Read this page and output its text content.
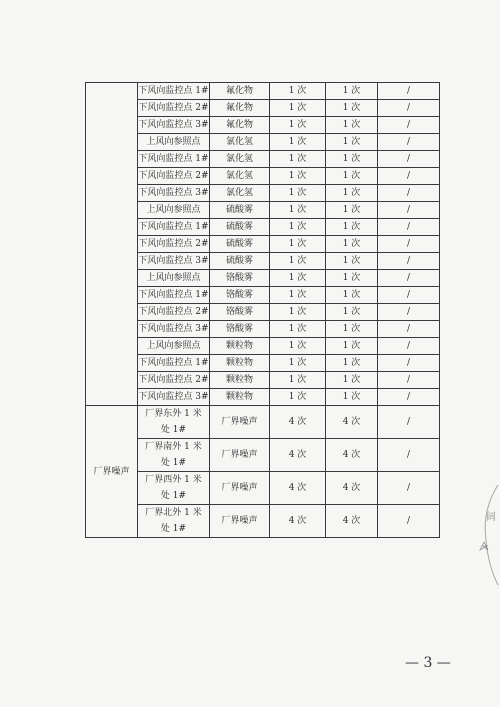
	下风向监控点 1#	氟化物	1 次	1 次	/
	下风向监控点 2#	氟化物	1 次	1 次	/
	下风向监控点 3#	氟化物	1 次	1 次	/
	上风向参照点	氯化氢	1 次	1 次	/
	下风向监控点 1#	氯化氢	1 次	1 次	/
	下风向监控点 2#	氯化氢	1 次	1 次	/
	下风向监控点 3#	氯化氢	1 次	1 次	/
	上风向参照点	硫酸雾	1 次	1 次	/
	下风向监控点 1#	硫酸雾	1 次	1 次	/
	下风向监控点 2#	硫酸雾	1 次	1 次	/
	下风向监控点 3#	硫酸雾	1 次	1 次	/
	上风向参照点	铬酸雾	1 次	1 次	/
	下风向监控点 1#	铬酸雾	1 次	1 次	/
	下风向监控点 2#	铬酸雾	1 次	1 次	/
	下风向监控点 3#	铬酸雾	1 次	1 次	/
	上风向参照点	颗粒物	1 次	1 次	/
	下风向监控点 1#	颗粒物	1 次	1 次	/
	下风向监控点 2#	颗粒物	1 次	1 次	/
	下风向监控点 3#	颗粒物	1 次	1 次	/
厂界噪声	厂界东外 1 米处 1#	厂界噪声	4 次	4 次	/
	厂界南外 1 米处 1#	厂界噪声	4 次	4 次	/
	厂界西外 1 米处 1#	厂界噪声	4 次	4 次	/
	厂界北外 1 米处 1#	厂界噪声	4 次	4 次	/
— 3 —
阔
